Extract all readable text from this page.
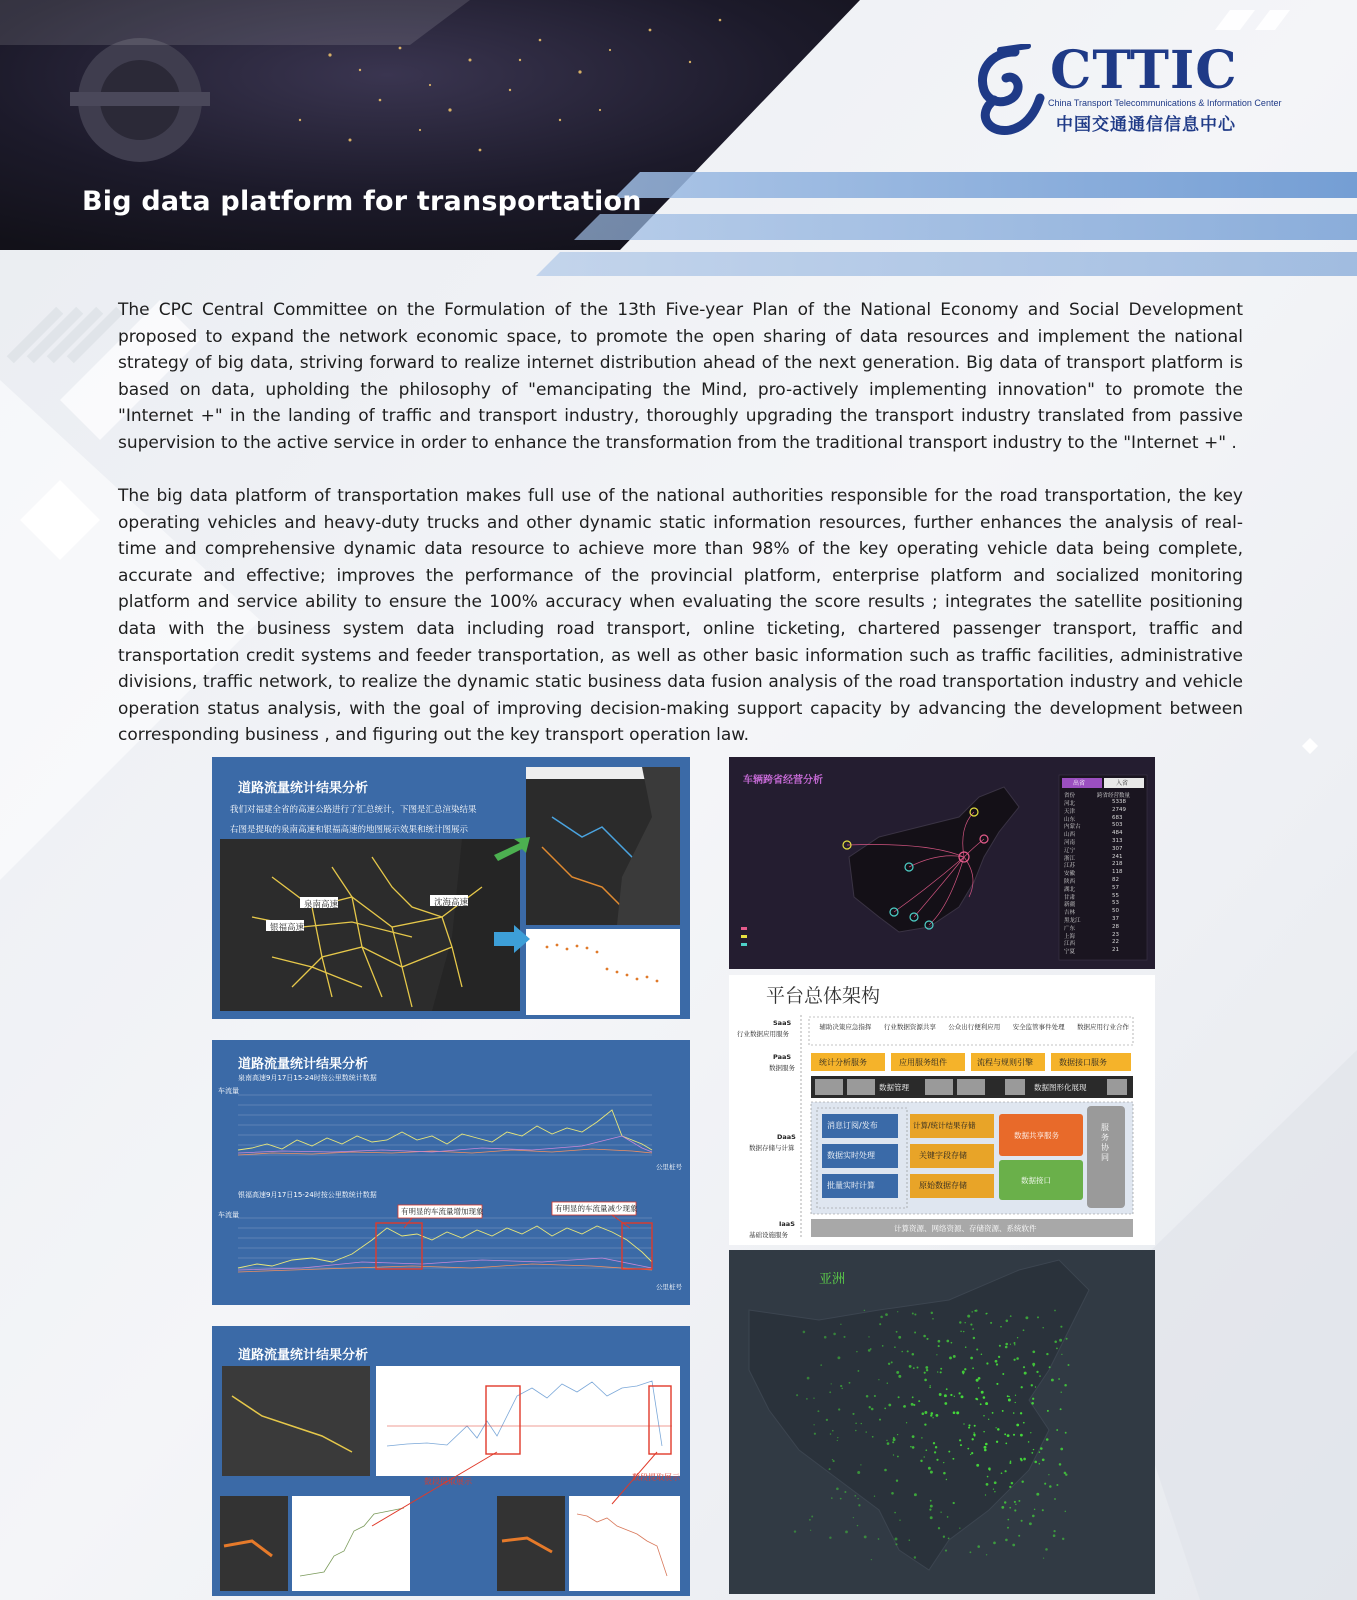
Big data platform for transportation
CTTIC
China Transport Telecommunications & Information Center
中国交通通信信息中心

The CPC Central Committee on the Formulation of the 13th Five-year Plan of the National Economy and Social Development proposed to expand the network economic space, to promote the open sharing of data resources and implement the national strategy of big data, striving forward to realize internet distribution ahead of the next generation. Big data of transport platform is based on data, upholding the philosophy of "emancipating the Mind, pro-actively implementing innovation" to promote the "Internet +" in the landing of traffic and transport industry, thoroughly upgrading the transport industry translated from passive supervision to the active service in order to enhance the transformation from the traditional transport industry to the "Internet +" .

The big data platform of transportation makes full use of the national authorities responsible for the road transportation, the key operating vehicles and heavy-duty trucks and other dynamic static information resources, further enhances the analysis of real-time and comprehensive dynamic data resource to achieve more than 98% of the key operating vehicle data being complete, accurate and effective; improves the performance of the provincial platform, enterprise platform and socialized monitoring platform and service ability to ensure the 100% accuracy when evaluating the score results ; integrates the satellite positioning data with the business system data including road transport, online ticketing, chartered passenger transport, traffic and transportation credit systems and feeder transportation, as well as other basic information such as traffic facilities, administrative divisions, traffic network, to realize the dynamic static business data fusion analysis of the road transportation industry and vehicle operation status analysis, with the goal of improving decision-making support capacity by advancing the development between corresponding business , and figuring out the key transport operation law.

道路流量统计结果分析
我们对福建全省的高速公路进行了汇总统计，下图是汇总渲染结果
右图是提取的泉南高速和银福高速的地图展示效果和统计图展示
泉南高速	沈海高速
银福高速
道路流量统计结果分析
泉南高速9月17日15-24时按公里数统计数据
车流量
银福高速9月17日15-24时按公里数统计数据
车流量
公里桩号
公里桩号
有明显的车流量增加现象	有明显的车流量减少现象
道路流量统计结果分析
数段提取展示	数段提取展示
车辆跨省经营分析	出省	入省
省份	跨省经营数量
河北	5338
天津	2749
山东	683
内蒙古	503
山西	484
河南	313
辽宁	307
浙江	241
江苏	218
安徽	118
陕西	82
湖北	57
甘肃	55
新疆	53
吉林	50
黑龙江	37
广东	28
上海	23
江西	22
宁夏	21
平台总体架构
SaaS
行业数据应用服务
辅助决策应急指挥	行业数据资源共享	公众出行便利应用	安全监管事件处理	数据应用行业合作
PaaS
数据服务
统计分析服务	应用服务组件	流程与规则引擎	数据接口服务
数据管理	数据图形化展现
DaaS
数据存储与计算
消息订阅/发布
数据实时处理
批量实时计算
计算/统计结果存储
关键字段存储
原始数据存储
数据共享服务
数据接口
服务协同
IaaS
基础设施服务
计算资源、网络资源、存储资源、系统软件
亚洲
